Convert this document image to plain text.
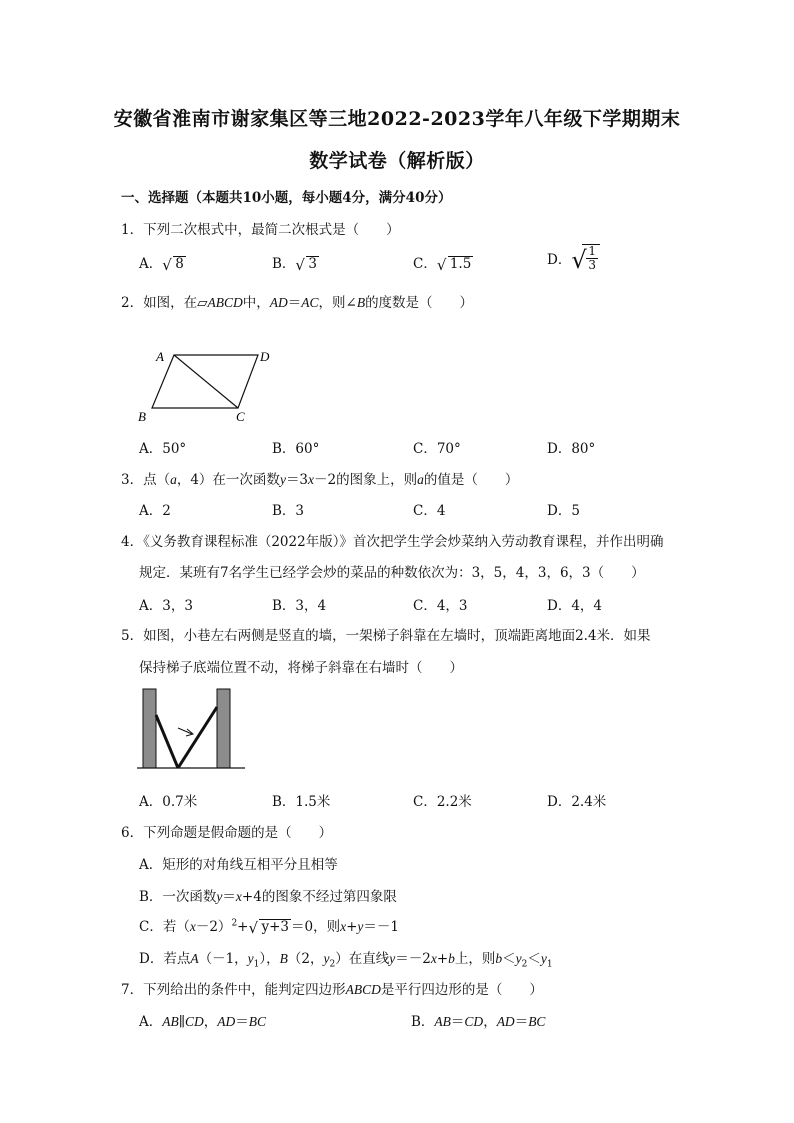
安徽省淮南市谢家集区等三地2022-2023学年八年级下学期期末
数学试卷（解析版）
一、选择题（本题共10小题，每小题4分，满分40分）
1．下列二次根式中，最简二次根式是（　　）
A． √ 8	B． √ 3	C． √ 1.5	D． √ $\frac{1}{3}$
2．如图，在▱ABCD中，AD＝AC，则∠B的度数是（　　）
A	D
B	C
A．50°	B．60°	C．70°	D．80°
3．点（a，4）在一次函数y＝3x－2的图象上，则a的值是（　　）
A．2	B．3	C．4	D．5
4．《义务教育课程标准（2022年版）》首次把学生学会炒菜纳入劳动教育课程，并作出明确
规定．某班有7名学生已经学会炒的菜品的种数依次为：3，5，4，3，6，3（　　）
A．3，3	B．3，4	C．4，3	D．4，4
5．如图，小巷左右两侧是竖直的墙，一架梯子斜靠在左墙时，顶端距离地面2.4米．如果
保持梯子底端位置不动，将梯子斜靠在右墙时（　　）
A．0.7米	B．1.5米	C．2.2米	D．2.4米
6．下列命题是假命题的是（　　）
A．矩形的对角线互相平分且相等
B．一次函数y＝x+4的图象不经过第四象限
C．若$(x-2)^2+$ √ y+3 ＝0，则x+y＝－1
D．若点A（－1，$y_1$），B（2，$y_2$）在直线y＝－2x+b上，则$b<y_2<y_1$
7．下列给出的条件中，能判定四边形ABCD是平行四边形的是（　　）
A．AB∥CD，AD＝BC	B．AB＝CD，AD＝BC
